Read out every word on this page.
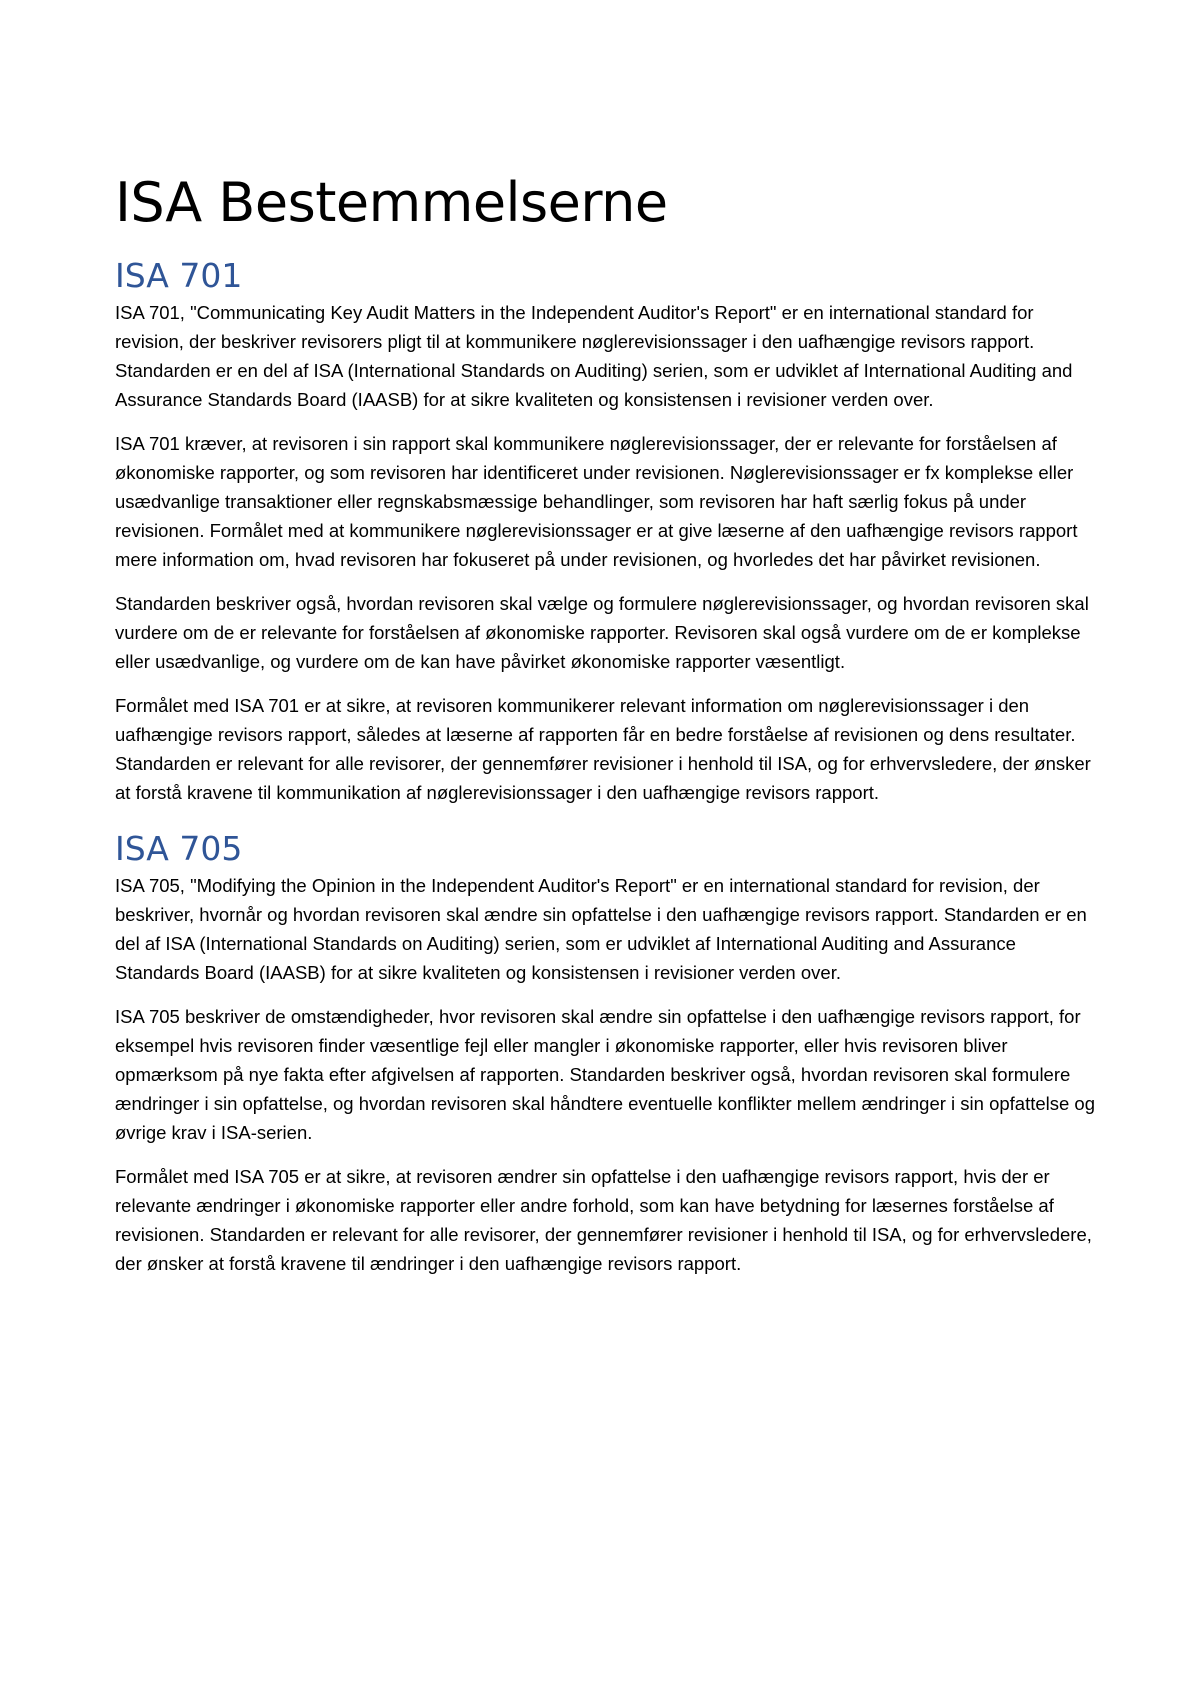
ISA Bestemmelserne
ISA 701

ISA 701, "Communicating Key Audit Matters in the Independent Auditor's Report" er en international standard for revision, der beskriver revisorers pligt til at kommunikere nøglerevisionssager i den uafhængige revisors rapport. Standarden er en del af ISA (International Standards on Auditing) serien, som er udviklet af International Auditing and Assurance Standards Board (IAASB) for at sikre kvaliteten og konsistensen i revisioner verden over.

ISA 701 kræver, at revisoren i sin rapport skal kommunikere nøglerevisionssager, der er relevante for forståelsen af økonomiske rapporter, og som revisoren har identificeret under revisionen. Nøglerevisionssager er fx komplekse eller usædvanlige transaktioner eller regnskabsmæssige behandlinger, som revisoren har haft særlig fokus på under revisionen. Formålet med at kommunikere nøglerevisionssager er at give læserne af den uafhængige revisors rapport mere information om, hvad revisoren har fokuseret på under revisionen, og hvorledes det har påvirket revisionen.

Standarden beskriver også, hvordan revisoren skal vælge og formulere nøglerevisionssager, og hvordan revisoren skal vurdere om de er relevante for forståelsen af økonomiske rapporter. Revisoren skal også vurdere om de er komplekse eller usædvanlige, og vurdere om de kan have påvirket økonomiske rapporter væsentligt.

Formålet med ISA 701 er at sikre, at revisoren kommunikerer relevant information om nøglerevisionssager i den uafhængige revisors rapport, således at læserne af rapporten får en bedre forståelse af revisionen og dens resultater. Standarden er relevant for alle revisorer, der gennemfører revisioner i henhold til ISA, og for erhvervsledere, der ønsker at forstå kravene til kommunikation af nøglerevisionssager i den uafhængige revisors rapport.

ISA 705

ISA 705, "Modifying the Opinion in the Independent Auditor's Report" er en international standard for revision, der beskriver, hvornår og hvordan revisoren skal ændre sin opfattelse i den uafhængige revisors rapport. Standarden er en del af ISA (International Standards on Auditing) serien, som er udviklet af International Auditing and Assurance Standards Board (IAASB) for at sikre kvaliteten og konsistensen i revisioner verden over.

ISA 705 beskriver de omstændigheder, hvor revisoren skal ændre sin opfattelse i den uafhængige revisors rapport, for eksempel hvis revisoren finder væsentlige fejl eller mangler i økonomiske rapporter, eller hvis revisoren bliver opmærksom på nye fakta efter afgivelsen af rapporten. Standarden beskriver også, hvordan revisoren skal formulere ændringer i sin opfattelse, og hvordan revisoren skal håndtere eventuelle konflikter mellem ændringer i sin opfattelse og øvrige krav i ISA-serien.

Formålet med ISA 705 er at sikre, at revisoren ændrer sin opfattelse i den uafhængige revisors rapport, hvis der er relevante ændringer i økonomiske rapporter eller andre forhold, som kan have betydning for læsernes forståelse af revisionen. Standarden er relevant for alle revisorer, der gennemfører revisioner i henhold til ISA, og for erhvervsledere, der ønsker at forstå kravene til ændringer i den uafhængige revisors rapport.
